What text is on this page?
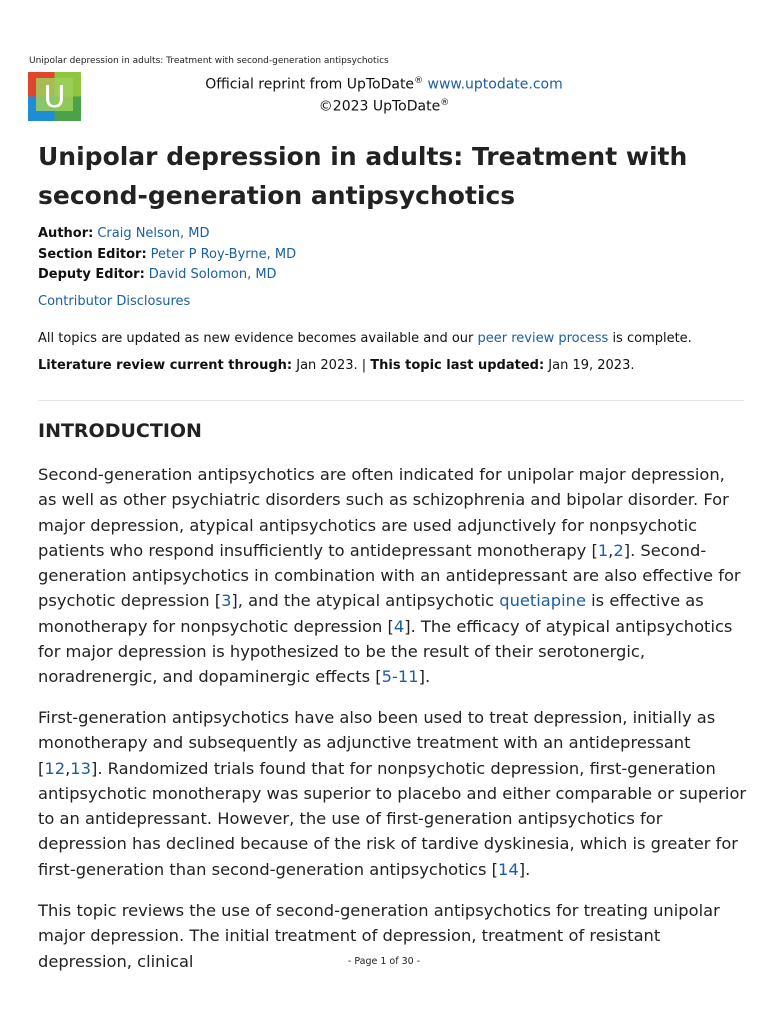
Unipolar depression in adults: Treatment with second-generation antipsychotics
U	Official reprint from UpToDate® www.uptodate.com
©2023 UpToDate®
Unipolar depression in adults: Treatment with second-generation antipsychotics
Author: Craig Nelson, MD
Section Editor: Peter P Roy-Byrne, MD
Deputy Editor: David Solomon, MD
Contributor Disclosures
All topics are updated as new evidence becomes available and our peer review process is complete.
Literature review current through: Jan 2023. | This topic last updated: Jan 19, 2023.
INTRODUCTION

Second-generation antipsychotics are often indicated for unipolar major depression, as well as other psychiatric disorders such as schizophrenia and bipolar disorder. For major depression, atypical antipsychotics are used adjunctively for nonpsychotic patients who respond insufficiently to antidepressant monotherapy [1,2]. Second-generation antipsychotics in combination with an antidepressant are also effective for psychotic depression [3], and the atypical antipsychotic quetiapine is effective as monotherapy for nonpsychotic depression [4]. The efficacy of atypical antipsychotics for major depression is hypothesized to be the result of their serotonergic, noradrenergic, and dopaminergic effects [5-11].

First-generation antipsychotics have also been used to treat depression, initially as monotherapy and subsequently as adjunctive treatment with an antidepressant [12,13]. Randomized trials found that for nonpsychotic depression, first-generation antipsychotic monotherapy was superior to placebo and either comparable or superior to an antidepressant. However, the use of first-generation antipsychotics for depression has declined because of the risk of tardive dyskinesia, which is greater for first-generation than second-generation antipsychotics [14].

This topic reviews the use of second-generation antipsychotics for treating unipolar major depression. The initial treatment of depression, treatment of resistant depression, clinical	- Page 1 of 30 -
